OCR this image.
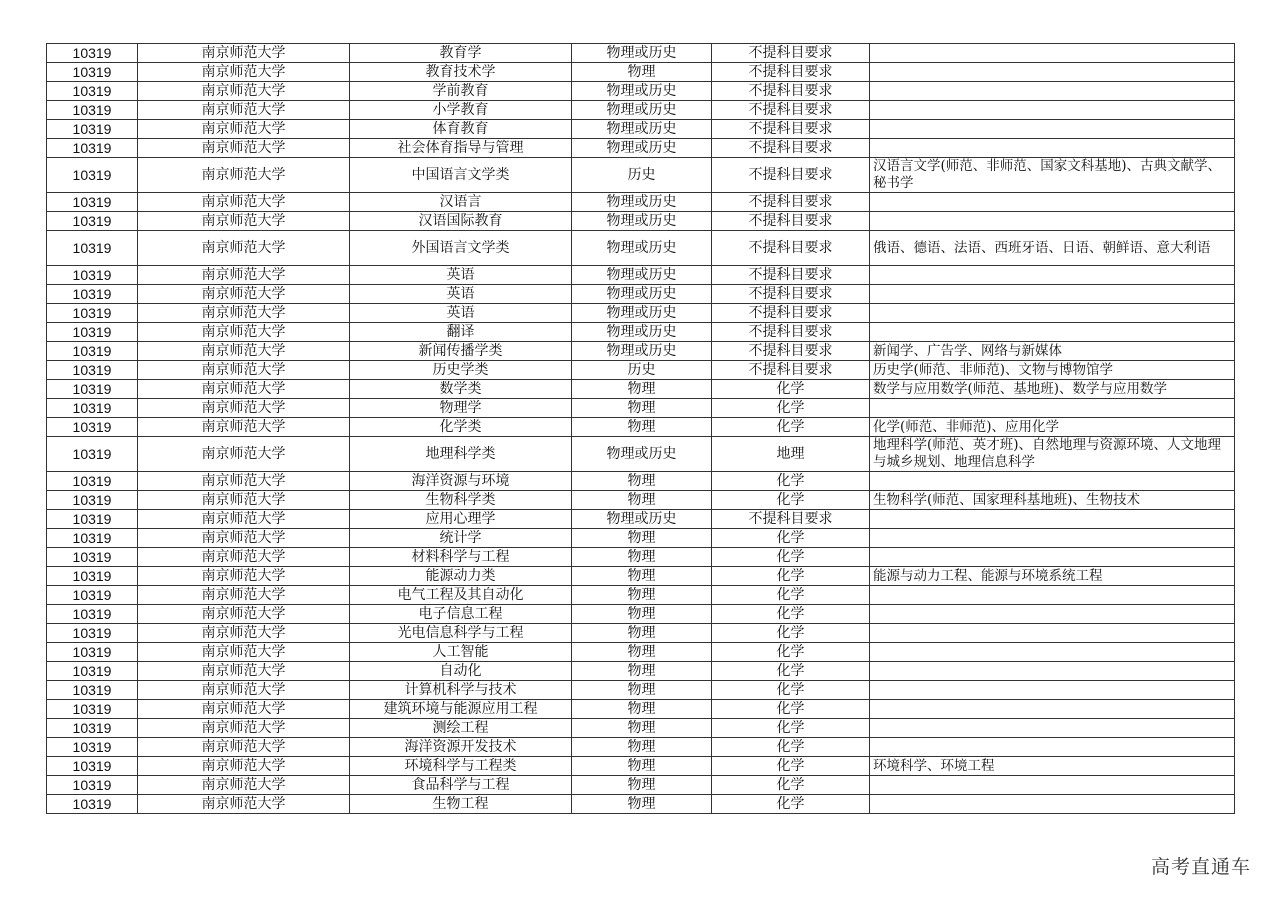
10319	南京师范大学	教育学	物理或历史	不提科目要求	
10319	南京师范大学	教育技术学	物理	不提科目要求	
10319	南京师范大学	学前教育	物理或历史	不提科目要求	
10319	南京师范大学	小学教育	物理或历史	不提科目要求	
10319	南京师范大学	体育教育	物理或历史	不提科目要求	
10319	南京师范大学	社会体育指导与管理	物理或历史	不提科目要求	
10319	南京师范大学	中国语言文学类	历史	不提科目要求	汉语言文学(师范、非师范、国家文科基地)、古典文献学、秘书学
10319	南京师范大学	汉语言	物理或历史	不提科目要求	
10319	南京师范大学	汉语国际教育	物理或历史	不提科目要求	
10319	南京师范大学	外国语言文学类	物理或历史	不提科目要求	俄语、德语、法语、西班牙语、日语、朝鲜语、意大利语
10319	南京师范大学	英语	物理或历史	不提科目要求	
10319	南京师范大学	英语	物理或历史	不提科目要求	
10319	南京师范大学	英语	物理或历史	不提科目要求	
10319	南京师范大学	翻译	物理或历史	不提科目要求	
10319	南京师范大学	新闻传播学类	物理或历史	不提科目要求	新闻学、广告学、网络与新媒体
10319	南京师范大学	历史学类	历史	不提科目要求	历史学(师范、非师范)、文物与博物馆学
10319	南京师范大学	数学类	物理	化学	数学与应用数学(师范、基地班)、数学与应用数学
10319	南京师范大学	物理学	物理	化学	
10319	南京师范大学	化学类	物理	化学	化学(师范、非师范)、应用化学
10319	南京师范大学	地理科学类	物理或历史	地理	地理科学(师范、英才班)、自然地理与资源环境、人文地理与城乡规划、地理信息科学
10319	南京师范大学	海洋资源与环境	物理	化学	
10319	南京师范大学	生物科学类	物理	化学	生物科学(师范、国家理科基地班)、生物技术
10319	南京师范大学	应用心理学	物理或历史	不提科目要求	
10319	南京师范大学	统计学	物理	化学	
10319	南京师范大学	材料科学与工程	物理	化学	
10319	南京师范大学	能源动力类	物理	化学	能源与动力工程、能源与环境系统工程
10319	南京师范大学	电气工程及其自动化	物理	化学	
10319	南京师范大学	电子信息工程	物理	化学	
10319	南京师范大学	光电信息科学与工程	物理	化学	
10319	南京师范大学	人工智能	物理	化学	
10319	南京师范大学	自动化	物理	化学	
10319	南京师范大学	计算机科学与技术	物理	化学	
10319	南京师范大学	建筑环境与能源应用工程	物理	化学	
10319	南京师范大学	测绘工程	物理	化学	
10319	南京师范大学	海洋资源开发技术	物理	化学	
10319	南京师范大学	环境科学与工程类	物理	化学	环境科学、环境工程
10319	南京师范大学	食品科学与工程	物理	化学	
10319	南京师范大学	生物工程	物理	化学	
高考直通车
